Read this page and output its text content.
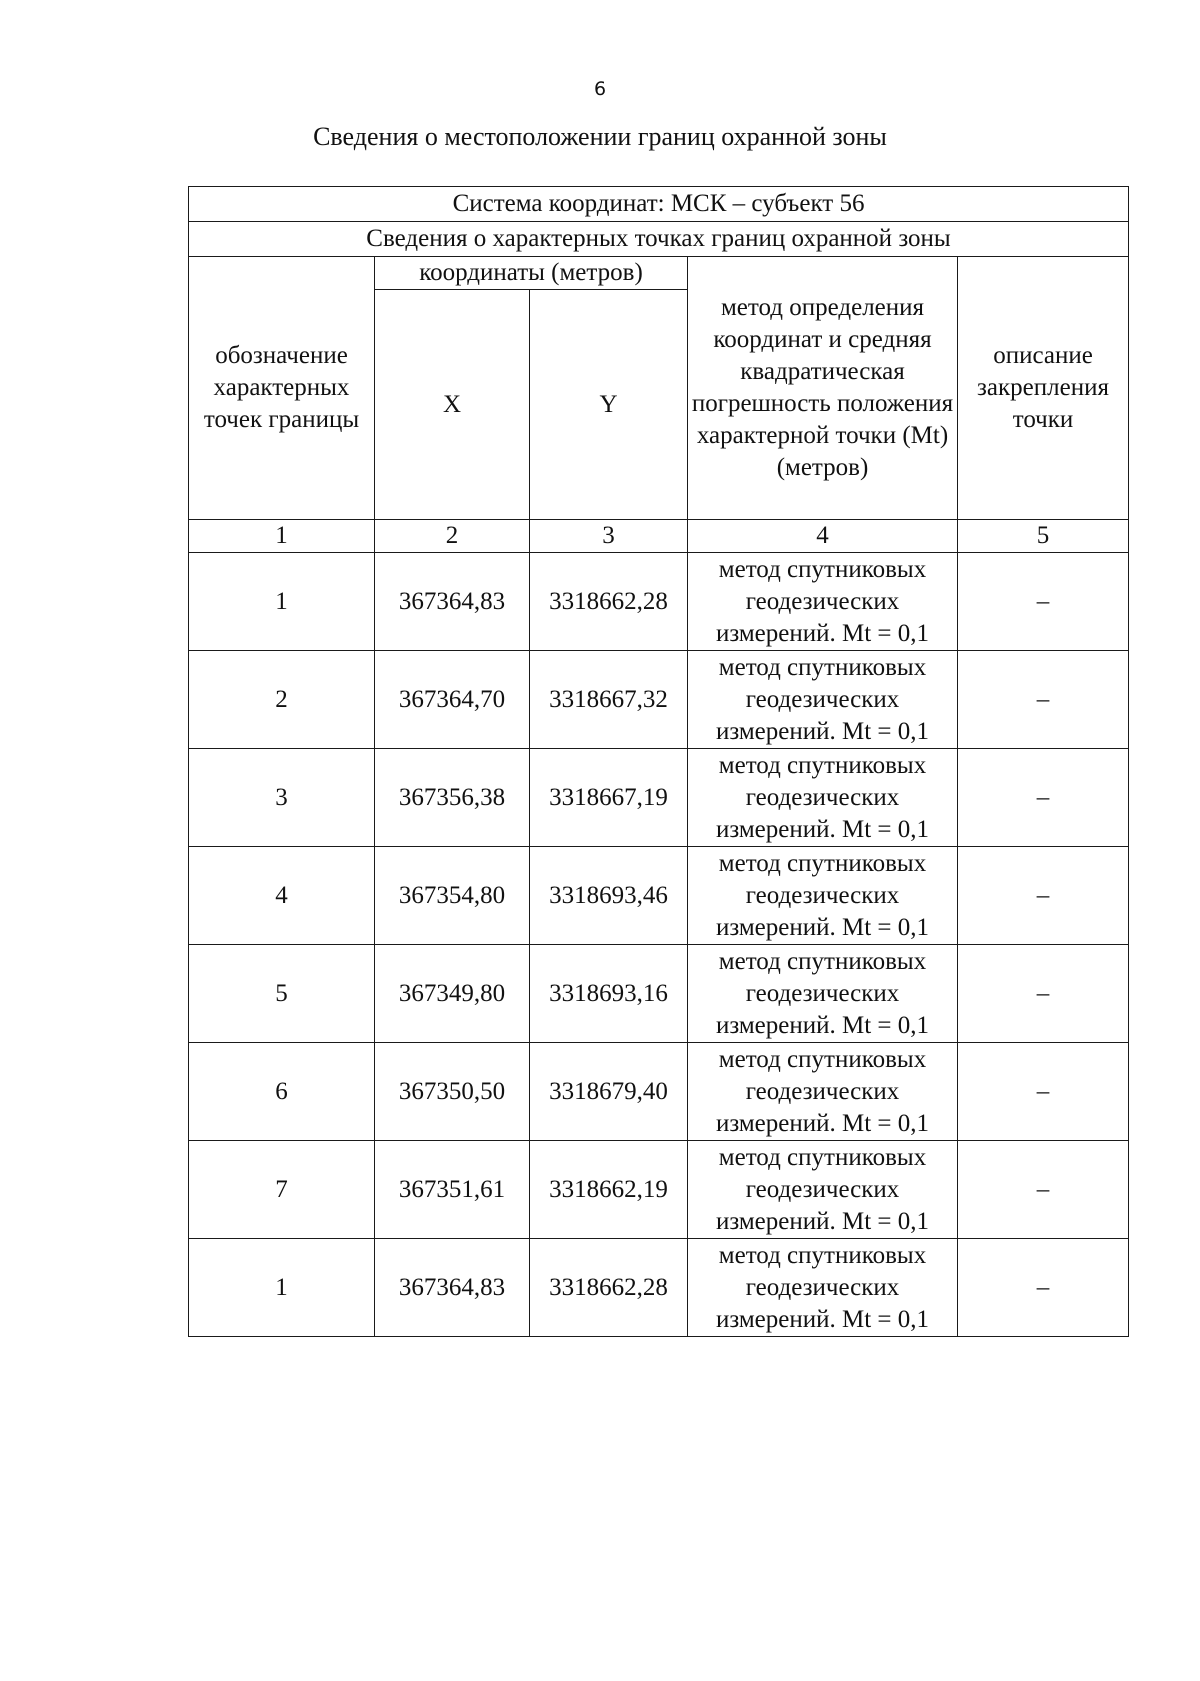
6
Сведения о местоположении границ охранной зоны
Система координат: МСК – субъект 56				
Сведения о характерных точках границ охранной зоны				
обозначение характерных точек границы	координаты (метров)		метод определения координат и средняя квадратическая погрешность положения характерной точки (Mt) (метров)	описание закрепления точки
	X	Y		
1	2	3	4	5
1	367364,83	3318662,28	метод спутниковых геодезических измерений. Mt = 0,1	–
2	367364,70	3318667,32	метод спутниковых геодезических измерений. Mt = 0,1	–
3	367356,38	3318667,19	метод спутниковых геодезических измерений. Mt = 0,1	–
4	367354,80	3318693,46	метод спутниковых геодезических измерений. Mt = 0,1	–
5	367349,80	3318693,16	метод спутниковых геодезических измерений. Mt = 0,1	–
6	367350,50	3318679,40	метод спутниковых геодезических измерений. Mt = 0,1	–
7	367351,61	3318662,19	метод спутниковых геодезических измерений. Mt = 0,1	–
1	367364,83	3318662,28	метод спутниковых геодезических измерений. Mt = 0,1	–
